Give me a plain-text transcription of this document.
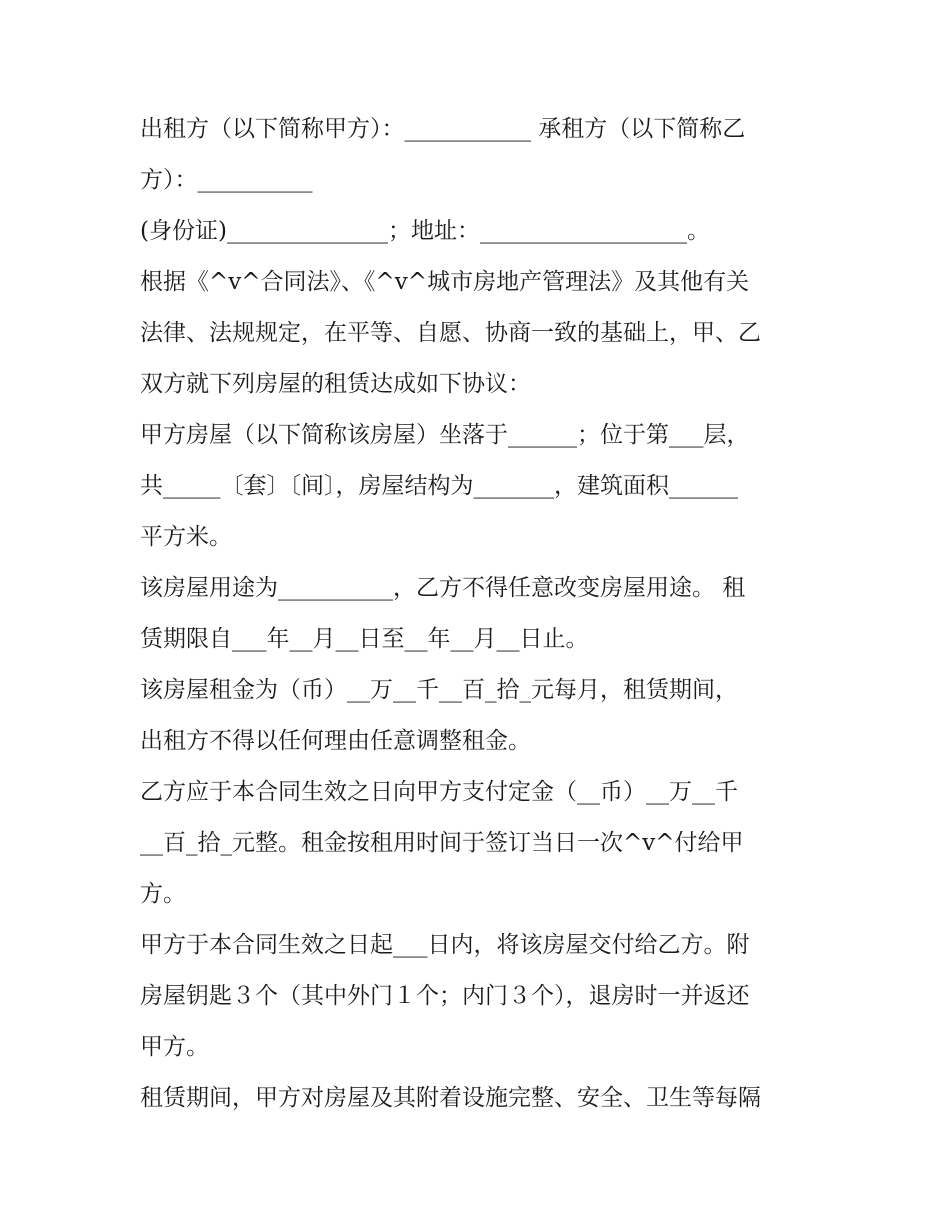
出租方（以下简称甲方）：___________ 承租方（以下简称乙
方）：__________
(身份证)______________；地址：__________________。
根据《^v^合同法》、《^v^城市房地产管理法》及其他有关
法律、法规规定，在平等、自愿、协商一致的基础上，甲、乙
双方就下列房屋的租赁达成如下协议：
甲方房屋（以下简称该房屋）坐落于______；位于第___层，
共_____〔套〕〔间〕，房屋结构为_______，建筑面积______
平方米。
该房屋用途为__________，乙方不得任意改变房屋用途。 租
赁期限自___年__月__日至__年__月__日止。
该房屋租金为（币）__万__千__百_拾_元每月，租赁期间，
出租方不得以任何理由任意调整租金。
乙方应于本合同生效之日向甲方支付定金（__币）__万__千
__百_拾_元整。租金按租用时间于签订当日一次^v^付给甲
方。
甲方于本合同生效之日起___日内，将该房屋交付给乙方。附
房屋钥匙３个（其中外门１个；内门３个），退房时一并返还
甲方。
租赁期间，甲方对房屋及其附着设施完整、安全、卫生等每隔
